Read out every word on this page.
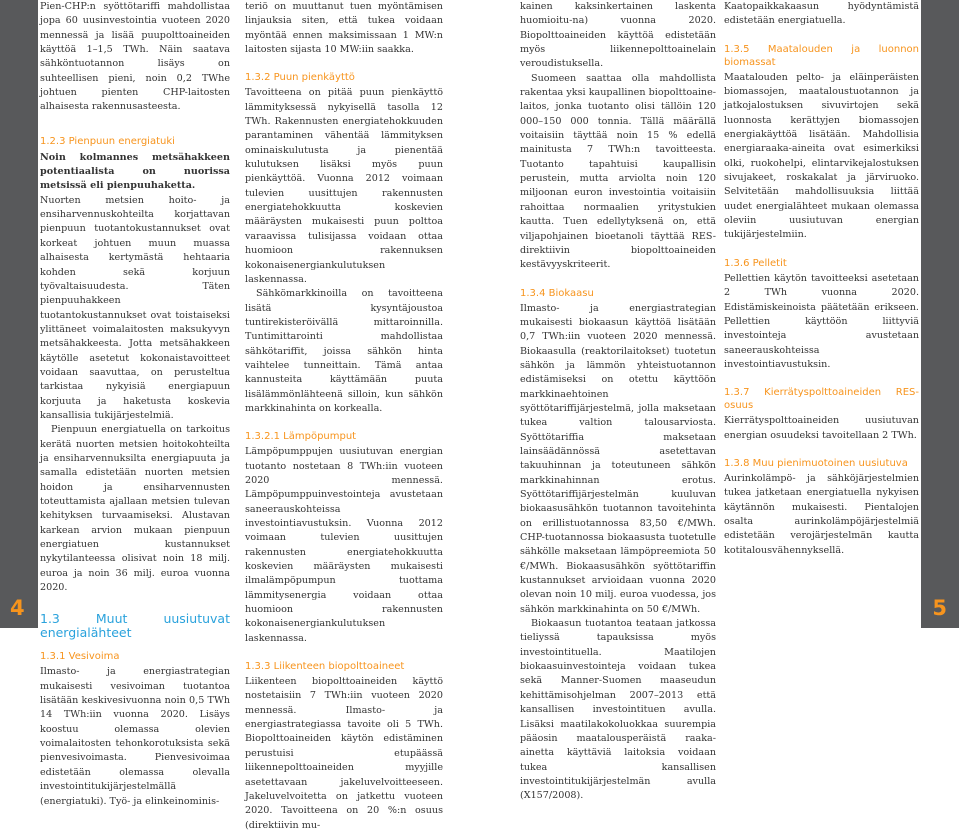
4

Pien-CHP:n syöttötariffi mahdollistaa jopa 60 uusinvestointia vuoteen 2020 mennessä ja lisää puupolttoaineiden käyttöä 1–1,5 TWh. Näin saatava sähköntuotannon lisäys on suhteellisen pieni, noin 0,2 TWhe johtuen pienten CHP-laitosten alhaisesta rakennusasteesta.

1.2.3 Pienpuun energiatuki

Noin kolmannes metsähakkeen potentiaalista on nuorissa metsissä eli pienpuuhaketta.

Nuorten metsien hoito- ja ensiharvennuskohteilta korjattavan pienpuun tuotantokustannukset ovat korkeat johtuen muun muassa alhaisesta kertymästä hehtaaria kohden sekä korjuun työvaltaisuudesta. Täten pienpuuhakkeen tuotantokustannukset ovat toistaiseksi ylittäneet voimalaitosten maksukyvyn metsähakkeesta. Jotta metsähakkeen käytölle asetetut kokonaistavoitteet voidaan saavuttaa, on perusteltua tarkistaa nykyisiä energiapuun korjuuta ja haketusta koskevia kansallisia tukijärjestelmiä.

Pienpuun energiatuella on tarkoitus kerätä nuorten metsien hoitokohteilta ja ensiharvennuksilta energiapuuta ja samalla edistetään nuorten metsien hoidon ja ensiharvennusten toteuttamista ajallaan metsien tulevan kehityksen turvaamiseksi. Alustavan karkean arvion mukaan pienpuun energiatuen kustannukset nykytilanteessa olisivat noin 18 milj. euroa ja noin 36 milj. euroa vuonna 2020.

1.3 Muut uusiutuvat energialähteet
1.3.1 Vesivoima

Ilmasto- ja energiastrategian mukaisesti vesivoiman tuotantoa lisätään keskivesivuonna noin 0,5 TWh 14 TWh:iin vuonna 2020. Lisäys koostuu olemassa olevien voimalaitosten tehonkorotuksista sekä pienvesivoimasta. Pienvesivoimaa edistetään olemassa olevalla investointitukijärjestelmällä (energiatuki). Työ- ja elinkeinominis-

teriö on muuttanut tuen myöntämisen linjauksia siten, että tukea voidaan myöntää ennen maksimissaan 1 MW:n laitosten sijasta 10 MW:iin saakka.

1.3.2 Puun pienkäyttö

Tavoitteena on pitää puun pienkäyttö lämmityksessä nykyisellä tasolla 12 TWh. Rakennusten energiatehokkuuden parantaminen vähentää lämmityksen ominaiskulutusta ja pienentää kulutuksen lisäksi myös puun pienkäyttöä. Vuonna 2012 voimaan tulevien uusittujen rakennusten energiatehokkuutta koskevien määräysten mukaisesti puun polttoa varaavissa tulisijassa voidaan ottaa huomioon rakennuksen kokonaisenergiankulutuksen laskennassa.

Sähkömarkkinoilla on tavoitteena lisätä kysyntäjoustoa tuntirekisteröivällä mittaroinnilla. Tuntimittarointi mahdollistaa sähkötariffit, joissa sähkön hinta vaihtelee tunneittain. Tämä antaa kannusteita käyttämään puuta lisälämmönlähteenä silloin, kun sähkön markkinahinta on korkealla.

1.3.2.1 Lämpöpumput

Lämpöpumppujen uusiutuvan energian tuotanto nostetaan 8 TWh:iin vuoteen 2020 mennessä. Lämpöpumppuinvestointeja avustetaan saneerauskohteissa investointiavustuksin. Vuonna 2012 voimaan tulevien uusittujen rakennusten energiatehokkuutta koskevien määräysten mukaisesti ilmalämpöpumpun tuottama lämmitysenergia voidaan ottaa huomioon rakennusten kokonaisenergiankulutuksen laskennassa.

1.3.3 Liikenteen biopolttoaineet

Liikenteen biopolttoaineiden käyttö nostetaisiin 7 TWh:iin vuoteen 2020 mennessä. Ilmasto- ja energiastrategiassa tavoite oli 5 TWh. Biopolttoaineiden käytön edistäminen perustuisi etupäässä liikennepolttoaineiden myyjille asetettavaan jakeluvelvoitteeseen. Jakeluvelvoitetta on jatkettu vuoteen 2020. Tavoitteena on 20 %:n osuus (direktiivin mu-

5

kainen kaksinkertainen laskenta huomioitu-na) vuonna 2020. Biopolttoaineiden käyttöä edistetään myös liikennepolttoainelain veroudistuksella.

Suomeen saattaa olla mahdollista rakentaa yksi kaupallinen biopolttoainelaitos, jonka tuotanto olisi tällöin 120 000–150 000 tonnia. Tällä määrällä voitaisiin täyttää noin 15 % edellä mainitusta 7 TWh:n tavoitteesta. Tuotanto tapahtuisi kaupallisin perustein, mutta arviolta noin 120 miljoonan euron investointia voitaisiin rahoittaa normaalien yritystukien kautta. Tuen edellytyksenä on, että viljapohjainen bioetanoli täyttää RES-direktiivin biopolttoaineiden kestävyyskriteerit.

1.3.4 Biokaasu

Ilmasto- ja energiastrategian mukaisesti biokaasun käyttöä lisätään 0,7 TWh:iin vuoteen 2020 mennessä. Biokaasulla (reaktorilaitokset) tuotetun sähkön ja lämmön yhteistuotannon edistämiseksi on otettu käyttöön markkinaehtoinen syöttötariffijärjestelmä, jolla maksetaan tukea valtion talousarviosta. Syöttötariffia maksetaan lainsäädännössä asetettavan takuuhinnan ja toteutuneen sähkön markkinahinnan erotus. Syöttötariffijärjestelmän kuuluvan biokaasusähkön tuotannon tavoitehinta on erillistuotannossa 83,50 €/MWh. CHP-tuotannossa biokaasusta tuotetulle sähkölle maksetaan lämpöpreemiota 50 €/MWh. Biokaasusähkön syöttötariffin kustannukset arvioidaan vuonna 2020 olevan noin 10 milj. euroa vuodessa, jos sähkön markkinahinta on 50 €/MWh.

Biokaasun tuotantoa teataan jatkossa tieliyssä tapauksissa myös investointituella. Maatilojen biokaasuinvestointeja voidaan tukea sekä Manner-Suomen maaseudun kehittämisohjelman 2007–2013 että kansallisen investointituen avulla. Lisäksi maatilakokoluokkaa suurempia pääosin maatalousperäistä raaka-ainetta käyttäviä laitoksia voidaan tukea kansallisen investointitukijärjestelmän avulla (X157/2008).

Kaatopaikkakaasun hyödyntämistä edistetään energiatuella.

1.3.5 Maatalouden ja luonnon biomassat

Maatalouden peltо- ja eläinperäisten biomassojen, maataloustuotannon ja jatkojalostuksen sivuvirtojen sekä luonnosta kerättyjen biomassojen energiakäyttöä lisätään. Mahdollisia energiaraaka-aineita ovat esimerkiksi olki, ruokohelpi, elintarvikejalostuksen sivujakeet, roskakalat ja järviruoko. Selvitetään mahdollisuuksia liittää uudet energialähteet mukaan olemassa oleviin uusiutuvan energian tukijärjestelmiin.

1.3.6 Pelletit

Pellettien käytön tavoitteeksi asetetaan 2 TWh vuonna 2020. Edistämiskeinoista päätetään erikseen. Pellettien käyttöön liittyviä investointeja avustetaan saneerauskohteissa investointiavustuksin.

1.3.7 Kierrätyspolttoaineiden RES-osuus

Kierrätyspolttoaineiden uusiutuvan energian osuudeksi tavoitellaan 2 TWh.

1.3.8 Muu pienimuotoinen uusiutuva

Aurinkolämpö- ja sähköjärjestelmien tukea jatketaan energiatuella nykyisen käytännön mukaisesti. Pientalojen osalta aurinkolämpöjärjestelmiä edistetään verojärjestelmän kautta kotitalousvähennyksellä.
